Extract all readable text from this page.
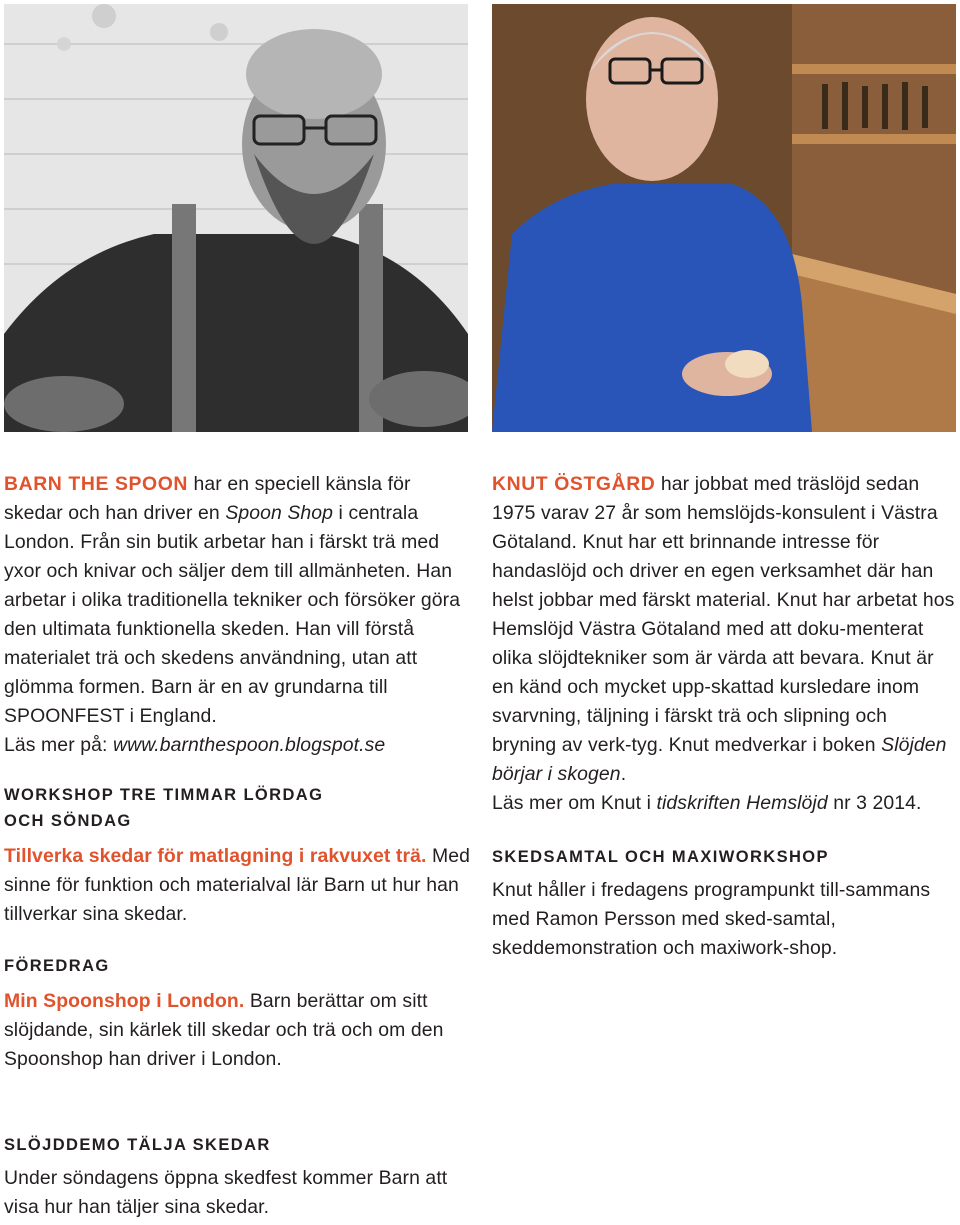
BARN THE SPOON har en speciell känsla för skedar och han driver en Spoon Shop i centrala London. Från sin butik arbetar han i färskt trä med yxor och knivar och säljer dem till allmänheten. Han arbetar i olika traditionella tekniker och försöker göra den ultimata funktionella skeden. Han vill förstå materialet trä och skedens användning, utan att glömma formen. Barn är en av grundarna till SPOONFEST i England.
Läs mer på: www.barnthespoon.blogspot.se

WORKSHOP TRE TIMMAR LÖRDAG
OCH SÖNDAG

Tillverka skedar för matlagning i rakvuxet trä. Med sinne för funktion och materialval lär Barn ut hur han tillverkar sina skedar.

FÖREDRAG

Min Spoonshop i London. Barn berättar om sitt slöjdande, sin kärlek till skedar och trä och om den Spoonshop han driver i London.

SLÖJDDEMO TÄLJA SKEDAR

Under söndagens öppna skedfest kommer Barn att visa hur han täljer sina skedar.

KNUT ÖSTGÅRD har jobbat med träslöjd sedan 1975 varav 27 år som hemslöjds-konsulent i Västra Götaland. Knut har ett brinnande intresse för handaslöjd och driver en egen verksamhet där han helst jobbar med färskt material. Knut har arbetat hos Hemslöjd Västra Götaland med att doku-menterat olika slöjdtekniker som är värda att bevara. Knut är en känd och mycket upp-skattad kursledare inom svarvning, täljning i färskt trä och slipning och bryning av verk-tyg. Knut medverkar i boken Slöjden börjar i skogen.
Läs mer om Knut i tidskriften Hemslöjd nr 3 2014.

SKEDSAMTAL OCH MAXIWORKSHOP

Knut håller i fredagens programpunkt till-sammans med Ramon Persson med sked-samtal, skeddemonstration och maxiwork-shop.
